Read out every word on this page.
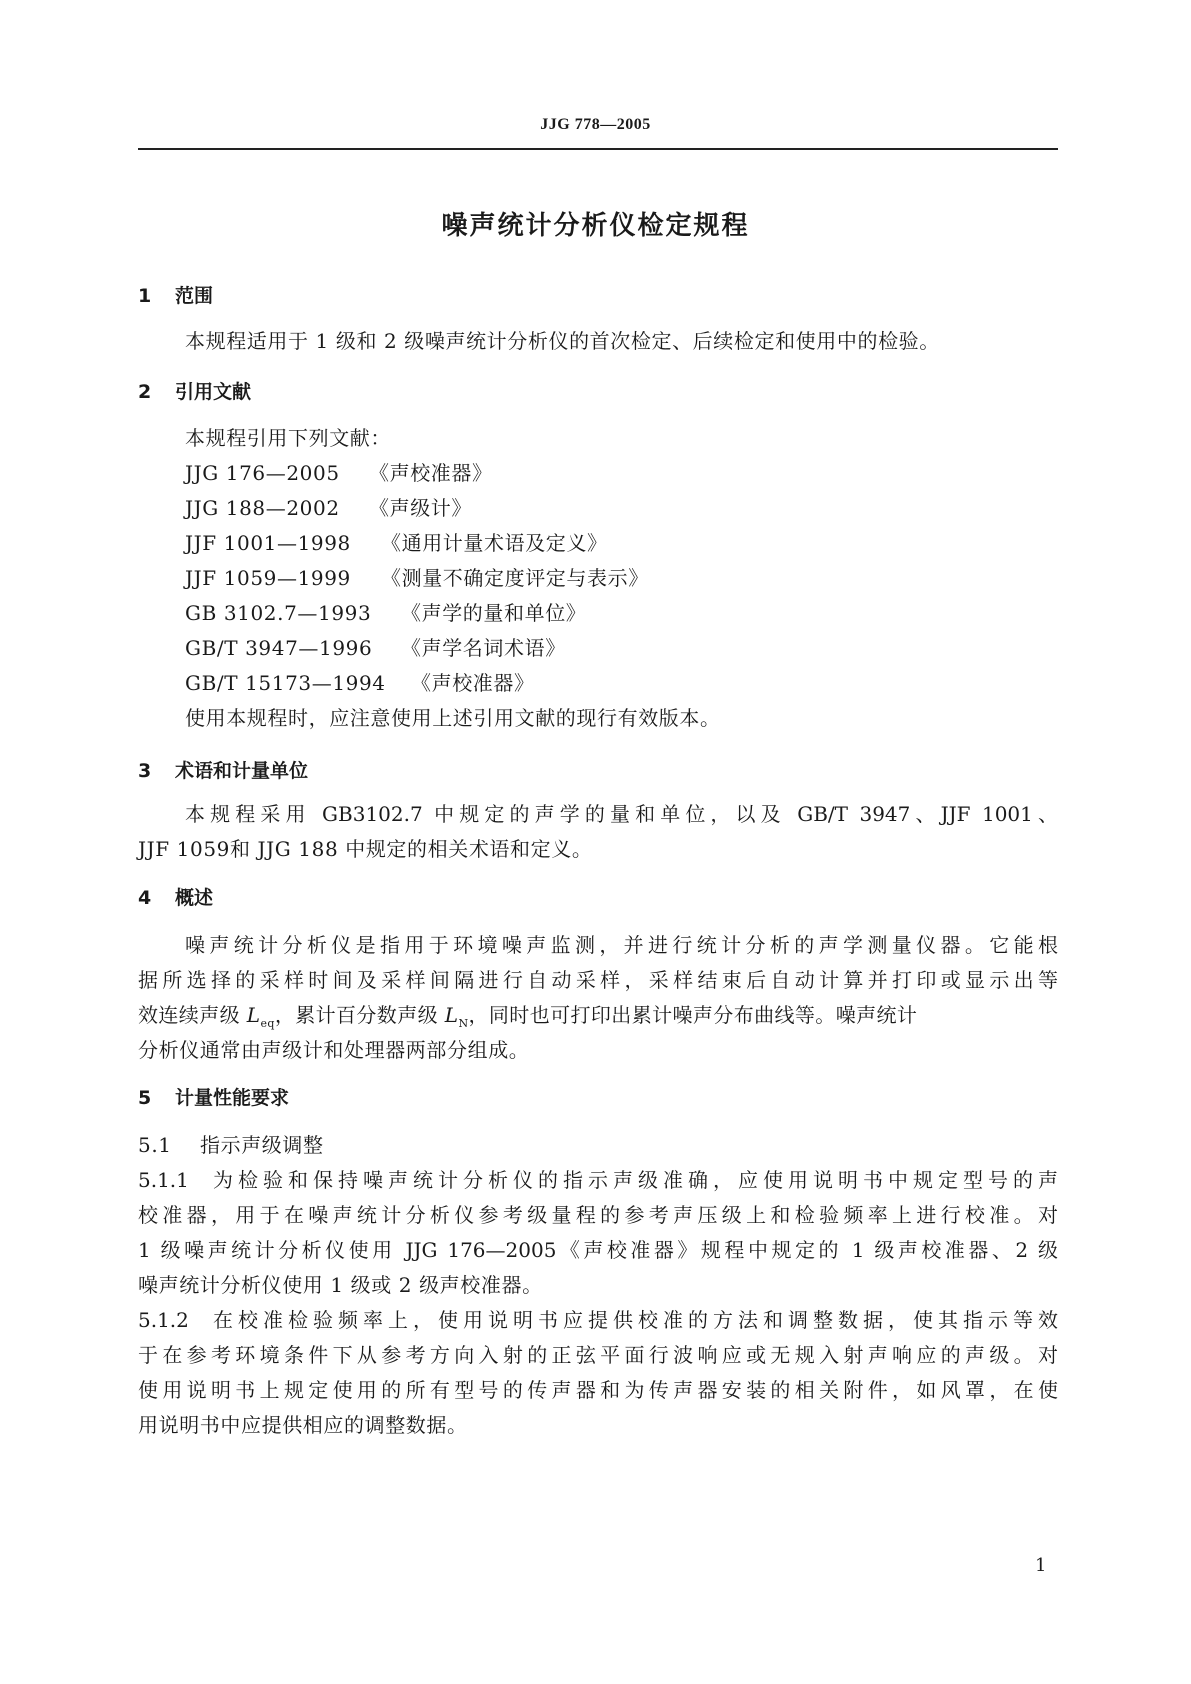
JJG 778—2005
噪声统计分析仪检定规程
1 范围
本规程适用于 1 级和 2 级噪声统计分析仪的首次检定、后续检定和使用中的检验。
2 引用文献
本规程引用下列文献：
JJG 176—2005 《声校准器》
JJG 188—2002 《声级计》
JJF 1001—1998 《通用计量术语及定义》
JJF 1059—1999 《测量不确定度评定与表示》
GB 3102.7—1993 《声学的量和单位》
GB/T 3947—1996 《声学名词术语》
GB/T 15173—1994 《声校准器》
使用本规程时，应注意使用上述引用文献的现行有效版本。
3 术语和计量单位
本规程采用 GB3102.7 中规定的声学的量和单位，以及 GB/T 3947、JJF 1001、
JJF 1059和 JJG 188 中规定的相关术语和定义。
4 概述
噪声统计分析仪是指用于环境噪声监测，并进行统计分析的声学测量仪器。它能根
据所选择的采样时间及采样间隔进行自动采样，采样结束后自动计算并打印或显示出等
效连续声级 $L_{eq}$，累计百分数声级 $L_N$，同时也可打印出累计噪声分布曲线等。噪声统计
分析仪通常由声级计和处理器两部分组成。
5 计量性能要求
5.1 指示声级调整
5.1.1 为检验和保持噪声统计分析仪的指示声级准确，应使用说明书中规定型号的声
校准器，用于在噪声统计分析仪参考级量程的参考声压级上和检验频率上进行校准。对
1 级噪声统计分析仪使用 JJG 176—2005《声校准器》规程中规定的 1 级声校准器、2 级
噪声统计分析仪使用 1 级或 2 级声校准器。
5.1.2 在校准检验频率上，使用说明书应提供校准的方法和调整数据，使其指示等效
于在参考环境条件下从参考方向入射的正弦平面行波响应或无规入射声响应的声级。对
使用说明书上规定使用的所有型号的传声器和为传声器安装的相关附件，如风罩，在使
用说明书中应提供相应的调整数据。
1
